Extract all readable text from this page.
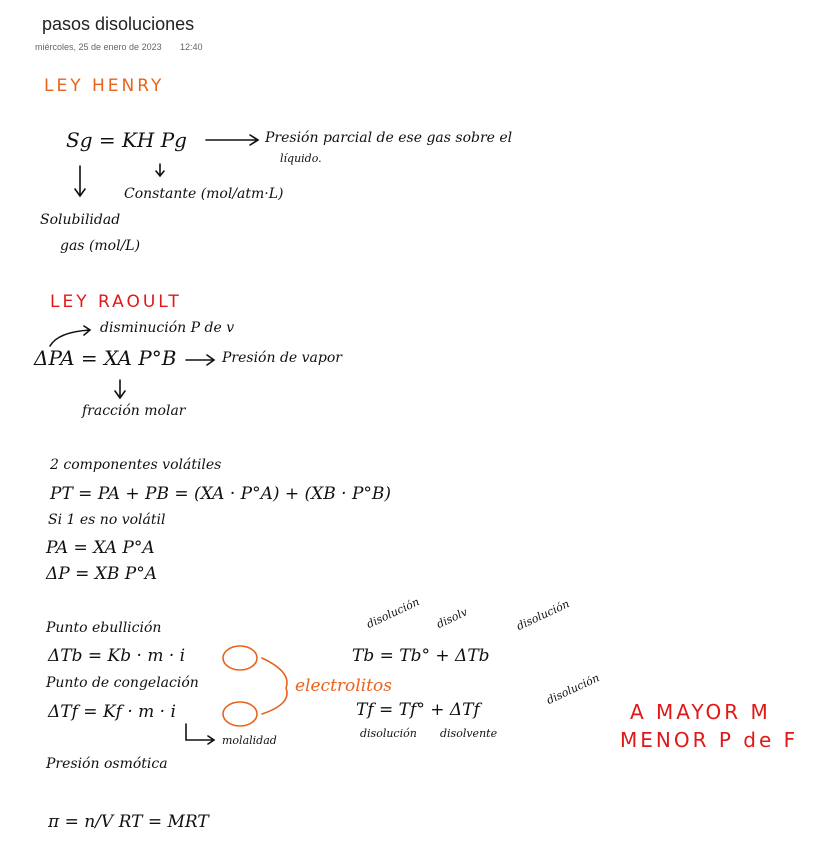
pasos disoluciones
miércoles, 25 de enero de 2023 12:40
LEY HENRY
Sg = KH Pg	Presión parcial de ese gas sobre el
líquido.
Constante (mol/atm·L)
Solubilidad
gas (mol/L)
LEY RAOULT
disminución P de v
ΔPA = XA P°B	Presión de vapor
fracción molar
2 componentes volátiles
PT = PA + PB = (XA · P°A) + (XB · P°B)
Si 1 es no volátil
PA = XA P°A
ΔP = XB P°A
Punto ebullición
ΔTb = Kb · m · i
Punto de congelación
ΔTf = Kf · m · i
molalidad
electrolitos
Tb = Tb° + ΔTb
disolución disolv	disolución
Tf = Tf° + ΔTf
disolución
disolución disolvente
Presión osmótica
π = n/V RT = MRT
A MAYOR M
MENOR P de F
